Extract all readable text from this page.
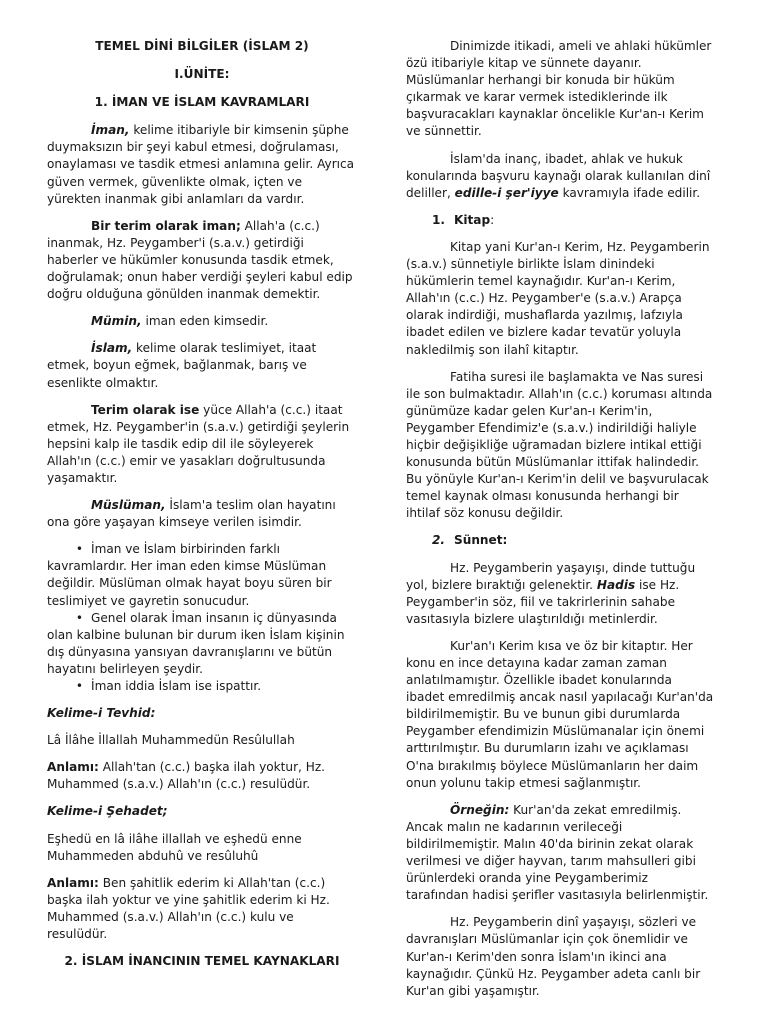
TEMEL DİNİ BİLGİLER (İSLAM 2)

I.ÜNİTE:

1. İMAN VE İSLAM KAVRAMLARI

İman, kelime itibariyle bir kimsenin şüphe duymaksızın bir şeyi kabul etmesi, doğrulaması, onaylaması ve tasdik etmesi anlamına gelir. Ayrıca güven vermek, güvenlikte olmak, içten ve yürekten inanmak gibi anlamları da vardır.

Bir terim olarak iman; Allah'a (c.c.) inanmak, Hz. Peygamber'i (s.a.v.) getirdiği haberler ve hükümler konusunda tasdik etmek, doğrulamak; onun haber verdiği şeyleri kabul edip doğru olduğuna gönülden inanmak demektir.

Mümin, iman eden kimsedir.

İslam, kelime olarak teslimiyet, itaat etmek, boyun eğmek, bağlanmak, barış ve esenlikte olmaktır.

Terim olarak ise yüce Allah'a (c.c.) itaat etmek, Hz. Peygamber'in (s.a.v.) getirdiği şeylerin hepsini kalp ile tasdik edip dil ile söyleyerek Allah'ın (c.c.) emir ve yasakları doğrultusunda yaşamaktır.

Müslüman, İslam'a teslim olan hayatını ona göre yaşayan kimseye verilen isimdir.

• İman ve İslam birbirinden farklı kavramlardır. Her iman eden kimse Müslüman değildir. Müslüman olmak hayat boyu süren bir teslimiyet ve gayretin sonucudur.

• Genel olarak İman insanın iç dünyasında olan kalbine bulunan bir durum iken İslam kişinin dış dünyasına yansıyan davranışlarını ve bütün hayatını belirleyen şeydir.

• İman iddia İslam ise ispattır.

Kelime-i Tevhid:

Lâ İlâhe İllallah Muhammedün Resûlullah

Anlamı: Allah'tan (c.c.) başka ilah yoktur, Hz. Muhammed (s.a.v.) Allah'ın (c.c.) resulüdür.

Kelime-i Şehadet;

Eşhedü en lâ ilâhe illallah ve eşhedü enne Muhammeden abduhû ve resûluhû

Anlamı: Ben şahitlik ederim ki Allah'tan (c.c.) başka ilah yoktur ve yine şahitlik ederim ki Hz. Muhammed (s.a.v.) Allah'ın (c.c.) kulu ve resulüdür.

2. İSLAM İNANCININ TEMEL KAYNAKLARI

Dinimizde itikadi, ameli ve ahlaki hükümler özü itibariyle kitap ve sünnete dayanır. Müslümanlar herhangi bir konuda bir hüküm çıkarmak ve karar vermek istediklerinde ilk başvuracakları kaynaklar öncelikle Kur'an-ı Kerim ve sünnettir.

İslam'da inanç, ibadet, ahlak ve hukuk konularında başvuru kaynağı olarak kullanılan dinî deliller, edille-i şer'iyye kavramıyla ifade edilir.

1. Kitap:

Kitap yani Kur'an-ı Kerim, Hz. Peygamberin (s.a.v.) sünnetiyle birlikte İslam dinindeki hükümlerin temel kaynağıdır. Kur'an-ı Kerim, Allah'ın (c.c.) Hz. Peygamber'e (s.a.v.) Arapça olarak indirdiği, mushaflarda yazılmış, lafzıyla ibadet edilen ve bizlere kadar tevatür yoluyla nakledilmiş son ilahî kitaptır.

Fatiha suresi ile başlamakta ve Nas suresi ile son bulmaktadır. Allah'ın (c.c.) koruması altında günümüze kadar gelen Kur'an-ı Kerim'in, Peygamber Efendimiz'e (s.a.v.) indirildiği haliyle hiçbir değişikliğe uğramadan bizlere intikal ettiği konusunda bütün Müslümanlar ittifak halindedir. Bu yönüyle Kur'an-ı Kerim'in delil ve başvurulacak temel kaynak olması konusunda herhangi bir ihtilaf söz konusu değildir.

2. Sünnet:

Hz. Peygamberin yaşayışı, dinde tuttuğu yol, bizlere bıraktığı gelenektir. Hadis ise Hz. Peygamber'in söz, fiil ve takrirlerinin sahabe vasıtasıyla bizlere ulaştırıldığı metinlerdir.

Kur'an'ı Kerim kısa ve öz bir kitaptır. Her konu en ince detayına kadar zaman zaman anlatılmamıştır. Özellikle ibadet konularında ibadet emredilmiş ancak nasıl yapılacağı Kur'an'da bildirilmemiştir. Bu ve bunun gibi durumlarda Peygamber efendimizin Müslümanalar için önemi arttırılmıştır. Bu durumların izahı ve açıklaması O'na bırakılmış böylece Müslümanların her daim onun yolunu takip etmesi sağlanmıştır.

Örneğin: Kur'an'da zekat emredilmiş. Ancak malın ne kadarının verileceği bildirilmemiştir. Malın 40'da birinin zekat olarak verilmesi ve diğer hayvan, tarım mahsulleri gibi ürünlerdeki oranda yine Peygamberimiz tarafından hadisi şerifler vasıtasıyla belirlenmiştir.

Hz. Peygamberin dinî yaşayışı, sözleri ve davranışları Müslümanlar için çok önemlidir ve Kur'an-ı Kerim'den sonra İslam'ın ikinci ana kaynağıdır. Çünkü Hz. Peygamber adeta canlı bir Kur'an gibi yaşamıştır.
